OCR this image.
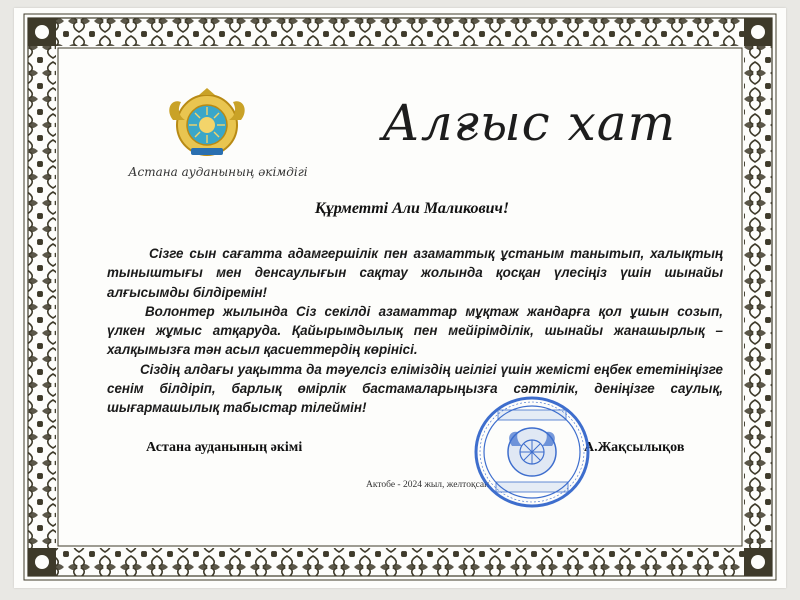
Астана ауданының әкімдігі
Алғыс хат
Құрметті Али Маликович!

Сізге сын сағатта адамгершілік пен азаматтық ұстаным танытып, халықтың тыныштығы мен денсаулығын сақтау жолында қосқан үлесіңіз үшін шынайы алғысымды білдіремін!

Волонтер жылында Сіз секілді азаматтар мұқтаж жандарға қол ұшын созып, үлкен жұмыс атқаруда. Қайырымдылық пен мейірімділік, шынайы жанашырлық – халқымызға тән асыл қасиеттердің көрінісі.

Сіздің алдағы уақытта да тәуелсіз еліміздің игілігі үшін жемісті еңбек ететініңізге сенім білдіріп, барлық өмірлік бастамаларыңызға сәттілік, деніңізге саулық, шығармашылық табыстар тілеймін!

Астана ауданының әкімі	А.Жақсылықов
Актобе - 2024 жыл, желтоқсан
